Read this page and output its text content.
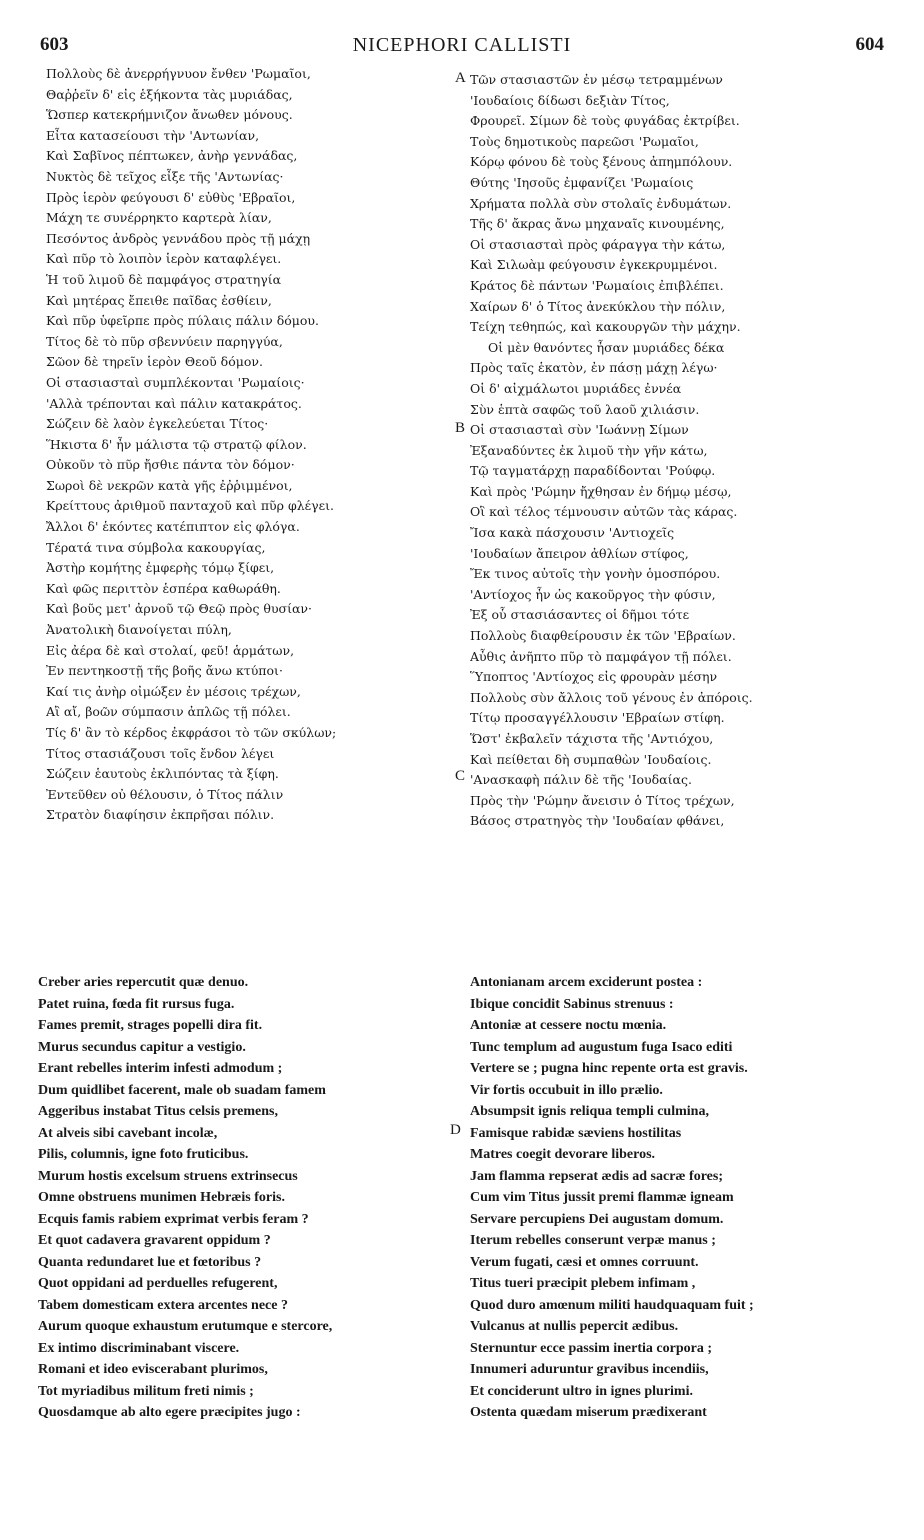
603	NICEPHORI CALLISTI	604
A
B
C
D
Πολλοὺς δὲ ἀνερρήγνυον ἔνθεν 'Ρωμαῖοι,
Θαῤῥεῖν δ' εἰς ἑξήκοντα τὰς μυριάδας,
Ὥσπερ κατεκρήμνιζον ἄνωθεν μόνους.
Εἶτα κατασείουσι τὴν 'Αντωνίαν,
Καὶ Σαβῖνος πέπτωκεν, ἀνὴρ γεννάδας,
Νυκτὸς δὲ τεῖχος εἶξε τῆς 'Αντωνίας·
Πρὸς ἱερὸν φεύγουσι δ' εὐθὺς 'Εβραῖοι,
Μάχη τε συνέρρηκτο καρτερὰ λίαν,
Πεσόντος ἀνδρὸς γεννάδου πρὸς τῇ μάχῃ
Καὶ πῦρ τὸ λοιπὸν ἱερὸν καταφλέγει.
Ἡ τοῦ λιμοῦ δὲ παμφάγος στρατηγία
Καὶ μητέρας ἔπειθε παῖδας ἐσθίειν,
Καὶ πῦρ ὑφεῖρπε πρὸς πύλαις πάλιν δόμου.
Τίτος δὲ τὸ πῦρ σβεννύειν παρηγγύα,
Σῶον δὲ τηρεῖν ἱερὸν Θεοῦ δόμον.
Οἱ στασιασταὶ συμπλέκονται 'Ρωμαίοις·
'Αλλὰ τρέπονται καὶ πάλιν κατακράτος.
Σώζειν δὲ λαὸν ἐγκελεύεται Τίτος·
Ἥκιστα δ' ἦν μάλιστα τῷ στρατῷ φίλον.
Οὐκοῦν τὸ πῦρ ἤσθιε πάντα τὸν δόμον·
Σωροὶ δὲ νεκρῶν κατὰ γῆς ἐῤῥιμμένοι,
Κρείττους ἀριθμοῦ πανταχοῦ καὶ πῦρ φλέγει.
Ἄλλοι δ' ἑκόντες κατέπιπτον εἰς φλόγα.
Τέρατά τινα σύμβολα κακουργίας,
Ἀστὴρ κομήτης ἐμφερὴς τόμῳ ξίφει,
Καὶ φῶς περιττὸν ἑσπέρα καθωράθη.
Καὶ βοῦς μετ' ἀρνοῦ τῷ Θεῷ πρὸς θυσίαν·
Ἀνατολικὴ διανοίγεται πύλη,
Εἰς ἀέρα δὲ καὶ στολαί, φεῦ! ἁρμάτων,
Ἐν πεντηκοστῇ τῆς βοῆς ἄνω κτύποι·
Καί τις ἀνὴρ οἰμώξεν ἐν μέσοις τρέχων,
Αἲ αἴ, βοῶν σύμπασιν ἀπλῶς τῇ πόλει.
Τίς δ' ἂν τὸ κέρδος ἐκφράσοι τὸ τῶν σκύλων;
Τίτος στασιάζουσι τοῖς ἔνδον λέγει
Σώζειν ἑαυτοὺς ἐκλιπόντας τὰ ξίφη.
Ἐντεῦθεν οὐ θέλουσιν, ὁ Τίτος πάλιν
Στρατὸν διαφίησιν ἐκπρῆσαι πόλιν.
Τῶν στασιαστῶν ἐν μέσῳ τετραμμένων
'Ιουδαίοις δίδωσι δεξιὰν Τίτος,
Φρουρεῖ. Σίμων δὲ τοὺς φυγάδας ἐκτρίβει.
Τοὺς δημοτικοὺς παρεῶσι 'Ρωμαῖοι,
Κόρῳ φόνου δὲ τοὺς ξένους ἀπημπόλουν.
Θύτης 'Ιησοῦς ἐμφανίζει 'Ρωμαίοις
Χρήματα πολλὰ σὺν στολαῖς ἐνδυμάτων.
Τῆς δ' ἄκρας ἄνω μηχαναῖς κινουμένης,
Οἱ στασιασταὶ πρὸς φάραγγα τὴν κάτω,
Καὶ Σιλωὰμ φεύγουσιν ἐγκεκρυμμένοι.
Κράτος δὲ πάντων 'Ρωμαίοις ἐπιβλέπει.
Χαίρων δ' ὁ Τίτος ἀνεκύκλου τὴν πόλιν,
Τείχη τεθηπώς, καὶ κακουργῶν τὴν μάχην.
Οἱ μὲν θανόντες ἦσαν μυριάδες δέκα
Πρὸς ταῖς ἑκατὸν, ἐν πάσῃ μάχῃ λέγω·
Οἱ δ' αἰχμάλωτοι μυριάδες ἐννέα
Σὺν ἑπτὰ σαφῶς τοῦ λαοῦ χιλιάσιν.
Οἱ στασιασταὶ σὺν 'Ιωάννῃ Σίμων
Ἐξαναδύντες ἐκ λιμοῦ τὴν γῆν κάτω,
Τῷ ταγματάρχῃ παραδίδονται 'Ρούφῳ.
Καὶ πρὸς 'Ρώμην ἤχθησαν ἐν δήμῳ μέσῳ,
Οἳ καὶ τέλος τέμνουσιν αὐτῶν τὰς κάρας.
Ἴσα κακὰ πάσχουσιν 'Αντιοχεῖς
'Ιουδαίων ἄπειρον ἀθλίων στίφος,
Ἔκ τινος αὐτοῖς τὴν γονὴν ὁμοσπόρου.
'Αντίοχος ἦν ὡς κακοῦργος τὴν φύσιν,
Ἐξ οὗ στασιάσαντες οἱ δῆμοι τότε
Πολλοὺς διαφθείρουσιν ἐκ τῶν 'Εβραίων.
Αὖθις ἀνῆπτο πῦρ τὸ παμφάγον τῇ πόλει.
Ὕποπτος 'Αντίοχος εἰς φρουρὰν μέσην
Πολλοὺς σὺν ἄλλοις τοῦ γένους ἐν ἀπόροις.
Τίτῳ προσαγγέλλουσιν 'Εβραίων στίφη.
Ὥστ' ἐκβαλεῖν τάχιστα τῆς 'Αντιόχου,
Καὶ πείθεται δὴ συμπαθὼν 'Ιουδαίοις.
'Ανασκαφὴ πάλιν δὲ τῆς 'Ιουδαίας.
Πρὸς τὴν 'Ρώμην ἄνεισιν ὁ Τίτος τρέχων,
Βάσος στρατηγὸς τὴν 'Ιουδαίαν φθάνει,
Creber aries repercutit quæ denuo.
Patet ruina, fœda fit rursus fuga.
Fames premit, strages popelli dira fit.
Murus secundus capitur a vestigio.
Erant rebelles interim infesti admodum ;
Dum quidlibet facerent, male ob suadam famem
Aggeribus instabat Titus celsis premens,
At alveis sibi cavebant incolæ,
Pilis, columnis, igne foto fruticibus.
Murum hostis excelsum struens extrinsecus
Omne obstruens munimen Hebræis foris.
Ecquis famis rabiem exprimat verbis feram ?
Et quot cadavera gravarent oppidum ?
Quanta redundaret lue et fœtoribus ?
Quot oppidani ad perduelles refugerent,
Tabem domesticam extera arcentes nece ?
Aurum quoque exhaustum erutumque e stercore,
Ex intimo discriminabant viscere.
Romani et ideo eviscerabant plurimos,
Tot myriadibus militum freti nimis ;
Quosdamque ab alto egere præcipites jugo :
Antonianam arcem exciderunt postea :
Ibique concidit Sabinus strenuus :
Antoniæ at cessere noctu mœnia.
Tunc templum ad augustum fuga Isaco editi
Vertere se ; pugna hinc repente orta est gravis.
Vir fortis occubuit in illo prælio.
Absumpsit ignis reliqua templi culmina,
Famisque rabidæ sæviens hostilitas
Matres coegit devorare liberos.
Jam flamma repserat ædis ad sacræ fores;
Cum vim Titus jussit premi flammæ igneam
Servare percupiens Dei augustam domum.
Iterum rebelles conserunt verpæ manus ;
Verum fugati, cæsi et omnes corruunt.
Titus tueri præcipit plebem infimam ,
Quod duro amœnum militi haudquaquam fuit ;
Vulcanus at nullis pepercit ædibus.
Sternuntur ecce passim inertia corpora ;
Innumeri aduruntur gravibus incendiis,
Et conciderunt ultro in ignes plurimi.
Ostenta quædam miserum prædixerant
